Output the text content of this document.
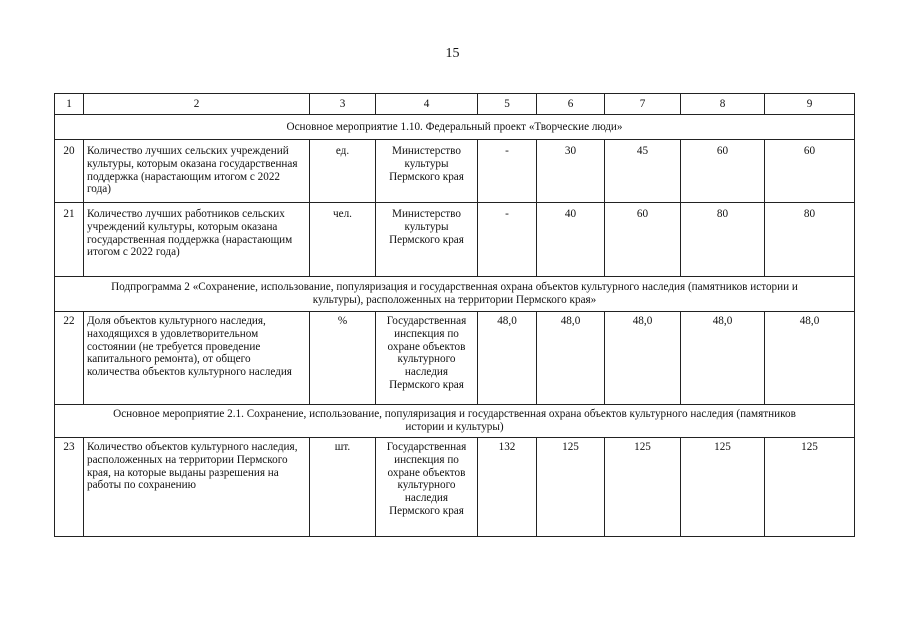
15
1	2	3	4	5	6	7	8	9
Основное мероприятие 1.10. Федеральный проект «Творческие люди»								
20	Количество лучших сельских учреждений культуры, которым оказана государственная поддержка (нарастающим итогом с 2022 года)	ед.	Министерство культуры Пермского края	-	30	45	60	60
21	Количество лучших работников сельских учреждений культуры, которым оказана государственная поддержка (нарастающим итогом с 2022 года)	чел.	Министерство культуры Пермского края	-	40	60	80	80
Подпрограмма 2 «Сохранение, использование, популяризация и государственная охрана объектов культурного наследия (памятников истории и культуры), расположенных на территории Пермского края»								
22	Доля объектов культурного наследия, находящихся в удовлетворительном состоянии (не требуется проведение капитального ремонта), от общего количества объектов культурного наследия	%	Государственная инспекция по охране объектов культурного наследия Пермского края	48,0	48,0	48,0	48,0	48,0
Основное мероприятие 2.1. Сохранение, использование, популяризация и государственная охрана объектов культурного наследия (памятников истории и культуры)								
23	Количество объектов культурного наследия, расположенных на территории Пермского края, на которые выданы разрешения на работы по сохранению	шт.	Государственная инспекция по охране объектов культурного наследия Пермского края	132	125	125	125	125
